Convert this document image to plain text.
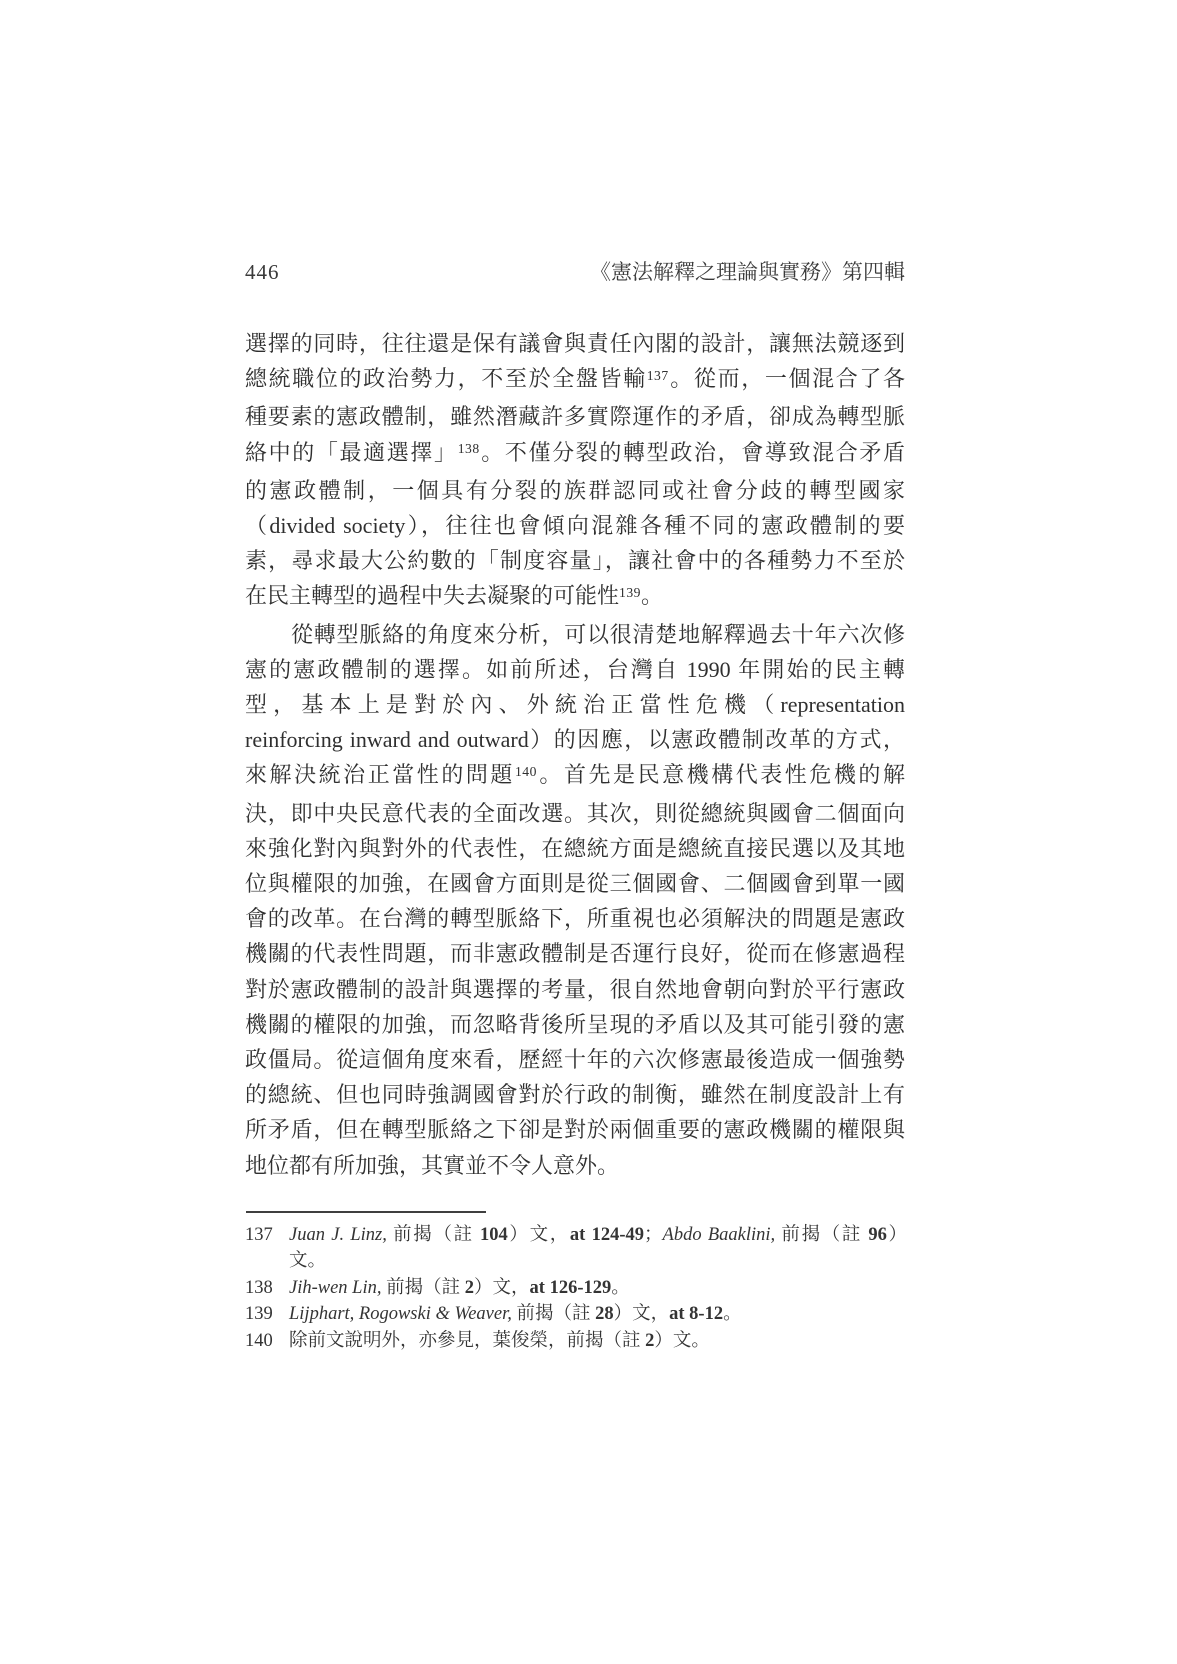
446	《憲法解釋之理論與實務》第四輯
選擇的同時，往往還是保有議會與責任內閣的設計，讓無法競逐到
總統職位的政治勢力，不至於全盤皆輸$^{137}$。從而，一個混合了各
種要素的憲政體制，雖然潛藏許多實際運作的矛盾，卻成為轉型脈
絡中的「最適選擇」$^{138}$。不僅分裂的轉型政治，會導致混合矛盾
的憲政體制，一個具有分裂的族群認同或社會分歧的轉型國家
（divided society），往往也會傾向混雜各種不同的憲政體制的要
素，尋求最大公約數的「制度容量」，讓社會中的各種勢力不至於
在民主轉型的過程中失去凝聚的可能性$^{139}$。
從轉型脈絡的角度來分析，可以很清楚地解釋過去十年六次修
憲的憲政體制的選擇。如前所述，台灣自 1990 年開始的民主轉
型，基本上是對於內、外統治正當性危機（representation
reinforcing inward and outward）的因應，以憲政體制改革的方式，
來解決統治正當性的問題$^{140}$。首先是民意機構代表性危機的解
決，即中央民意代表的全面改選。其次，則從總統與國會二個面向
來強化對內與對外的代表性，在總統方面是總統直接民選以及其地
位與權限的加強，在國會方面則是從三個國會、二個國會到單一國
會的改革。在台灣的轉型脈絡下，所重視也必須解決的問題是憲政
機關的代表性問題，而非憲政體制是否運行良好，從而在修憲過程
對於憲政體制的設計與選擇的考量，很自然地會朝向對於平行憲政
機關的權限的加強，而忽略背後所呈現的矛盾以及其可能引發的憲
政僵局。從這個角度來看，歷經十年的六次修憲最後造成一個強勢
的總統、但也同時強調國會對於行政的制衡，雖然在制度設計上有
所矛盾，但在轉型脈絡之下卻是對於兩個重要的憲政機關的權限與
地位都有所加強，其實並不令人意外。
137 Juan J. Linz, 前揭（註 104）文，at 124-49；Abdo Baaklini, 前揭（註 96）
文。
138 Jih-wen Lin, 前揭（註 2）文，at 126-129。
139 Lijphart, Rogowski & Weaver, 前揭（註 28）文，at 8-12。
140 除前文說明外，亦參見，葉俊榮，前揭（註 2）文。
